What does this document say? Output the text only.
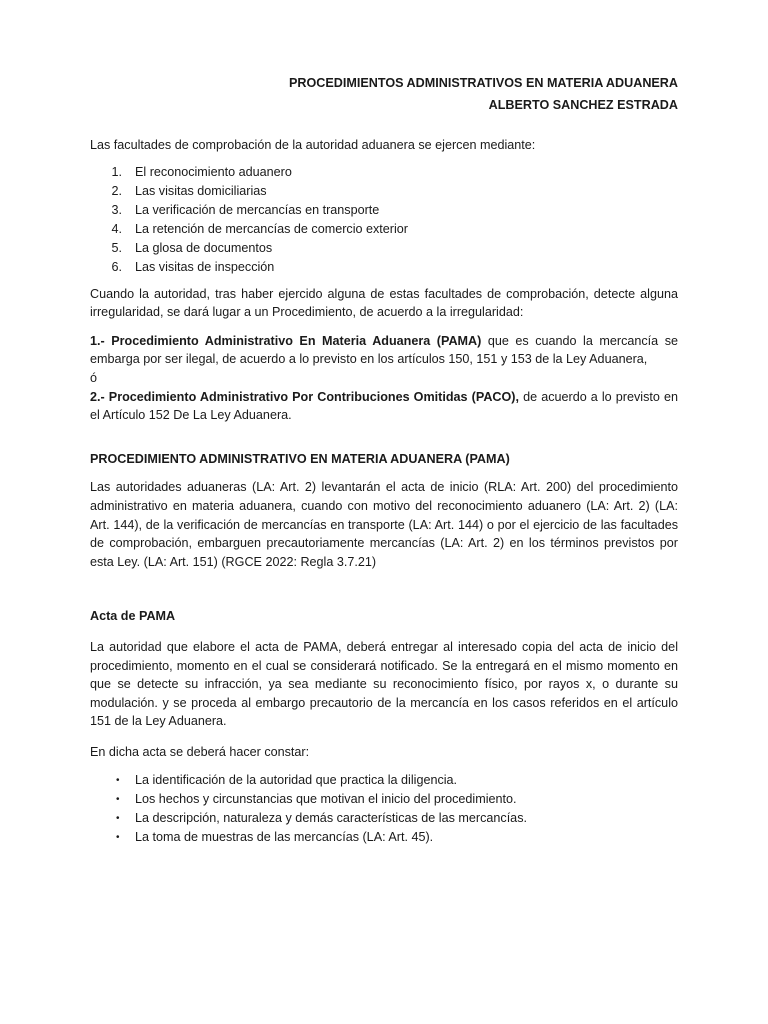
PROCEDIMIENTOS ADMINISTRATIVOS EN MATERIA ADUANERA
ALBERTO SANCHEZ ESTRADA

Las facultades de comprobación de la autoridad aduanera se ejercen mediante:

1.	El reconocimiento aduanero
2.	Las visitas domiciliarias
3.	La verificación de mercancías en transporte
4.	La retención de mercancías de comercio exterior
5.	La glosa de documentos
6.	Las visitas de inspección

Cuando la autoridad, tras haber ejercido alguna de estas facultades de comprobación, detecte alguna irregularidad, se dará lugar a un Procedimiento, de acuerdo a la irregularidad:

1.- Procedimiento Administrativo En Materia Aduanera (PAMA) que es cuando la mercancía se embarga por ser ilegal, de acuerdo a lo previsto en los artículos 150, 151 y 153 de la Ley Aduanera,
ó
2.- Procedimiento Administrativo Por Contribuciones Omitidas (PACO), de acuerdo a lo previsto en el Artículo 152 De La Ley Aduanera.

PROCEDIMIENTO ADMINISTRATIVO EN MATERIA ADUANERA (PAMA)

Las autoridades aduaneras (LA: Art. 2) levantarán el acta de inicio (RLA: Art. 200) del procedimiento administrativo en materia aduanera, cuando con motivo del reconocimiento aduanero (LA: Art. 2) (LA: Art. 144), de la verificación de mercancías en transporte (LA: Art. 144) o por el ejercicio de las facultades de comprobación, embarguen precautoriamente mercancías (LA: Art. 2) en los términos previstos por esta Ley. (LA: Art. 151) (RGCE 2022: Regla 3.7.21)

Acta de PAMA

La autoridad que elabore el acta de PAMA, deberá entregar al interesado copia del acta de inicio del procedimiento, momento en el cual se considerará notificado. Se la entregará en el mismo momento en que se detecte su infracción, ya sea mediante su reconocimiento físico, por rayos x, o durante su modulación. y se proceda al embargo precautorio de la mercancía en los casos referidos en el artículo 151 de la Ley Aduanera.

En dicha acta se deberá hacer constar:

•	La identificación de la autoridad que practica la diligencia.
•	Los hechos y circunstancias que motivan el inicio del procedimiento.
•	La descripción, naturaleza y demás características de las mercancías.
•	La toma de muestras de las mercancías (LA: Art. 45).
